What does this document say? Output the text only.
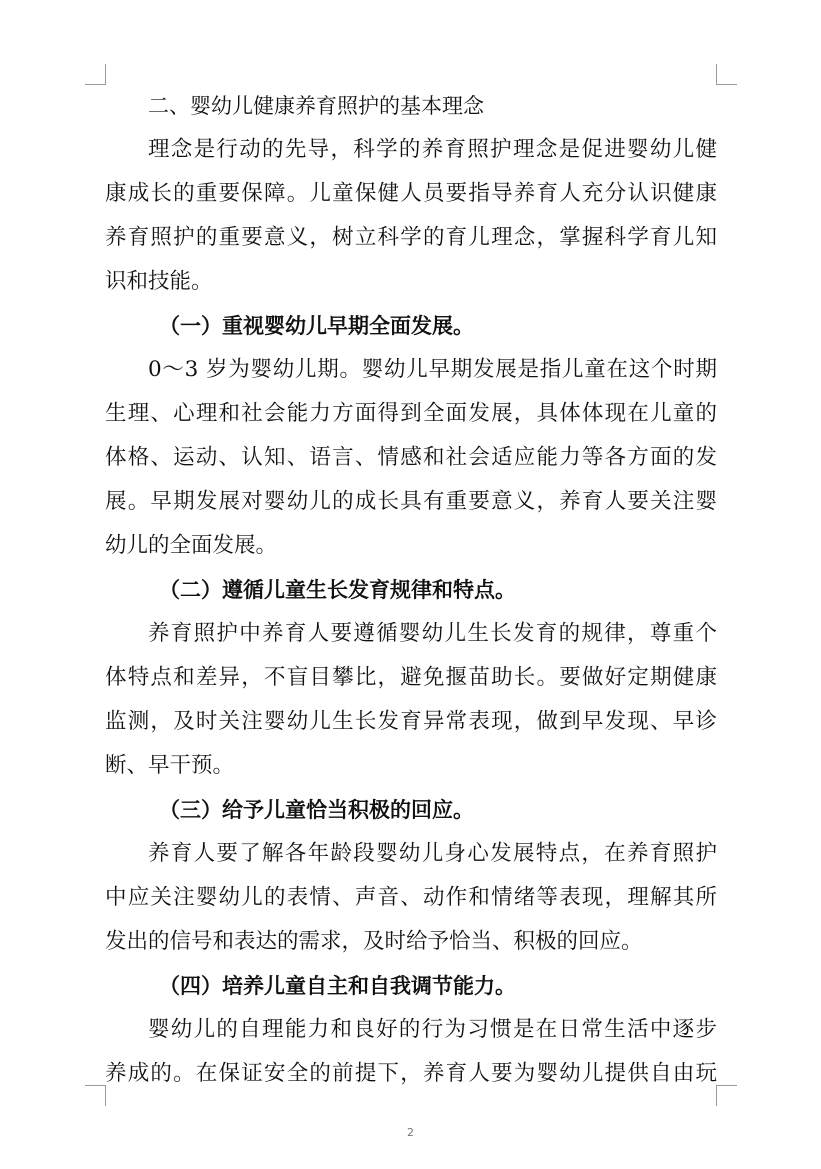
二、婴幼儿健康养育照护的基本理念
理念是行动的先导，科学的养育照护理念是促进婴幼儿健
康成长的重要保障。儿童保健人员要指导养育人充分认识健康
养育照护的重要意义，树立科学的育儿理念，掌握科学育儿知
识和技能。
（一）重视婴幼儿早期全面发展。
0～3 岁为婴幼儿期。婴幼儿早期发展是指儿童在这个时期
生理、心理和社会能力方面得到全面发展，具体体现在儿童的
体格、运动、认知、语言、情感和社会适应能力等各方面的发
展。早期发展对婴幼儿的成长具有重要意义，养育人要关注婴
幼儿的全面发展。
（二）遵循儿童生长发育规律和特点。
养育照护中养育人要遵循婴幼儿生长发育的规律，尊重个
体特点和差异，不盲目攀比，避免揠苗助长。要做好定期健康
监测，及时关注婴幼儿生长发育异常表现，做到早发现、早诊
断、早干预。
（三）给予儿童恰当积极的回应。
养育人要了解各年龄段婴幼儿身心发展特点，在养育照护
中应关注婴幼儿的表情、声音、动作和情绪等表现，理解其所
发出的信号和表达的需求，及时给予恰当、积极的回应。
（四）培养儿童自主和自我调节能力。
婴幼儿的自理能力和良好的行为习惯是在日常生活中逐步
养成的。在保证安全的前提下，养育人要为婴幼儿提供自由玩
2
